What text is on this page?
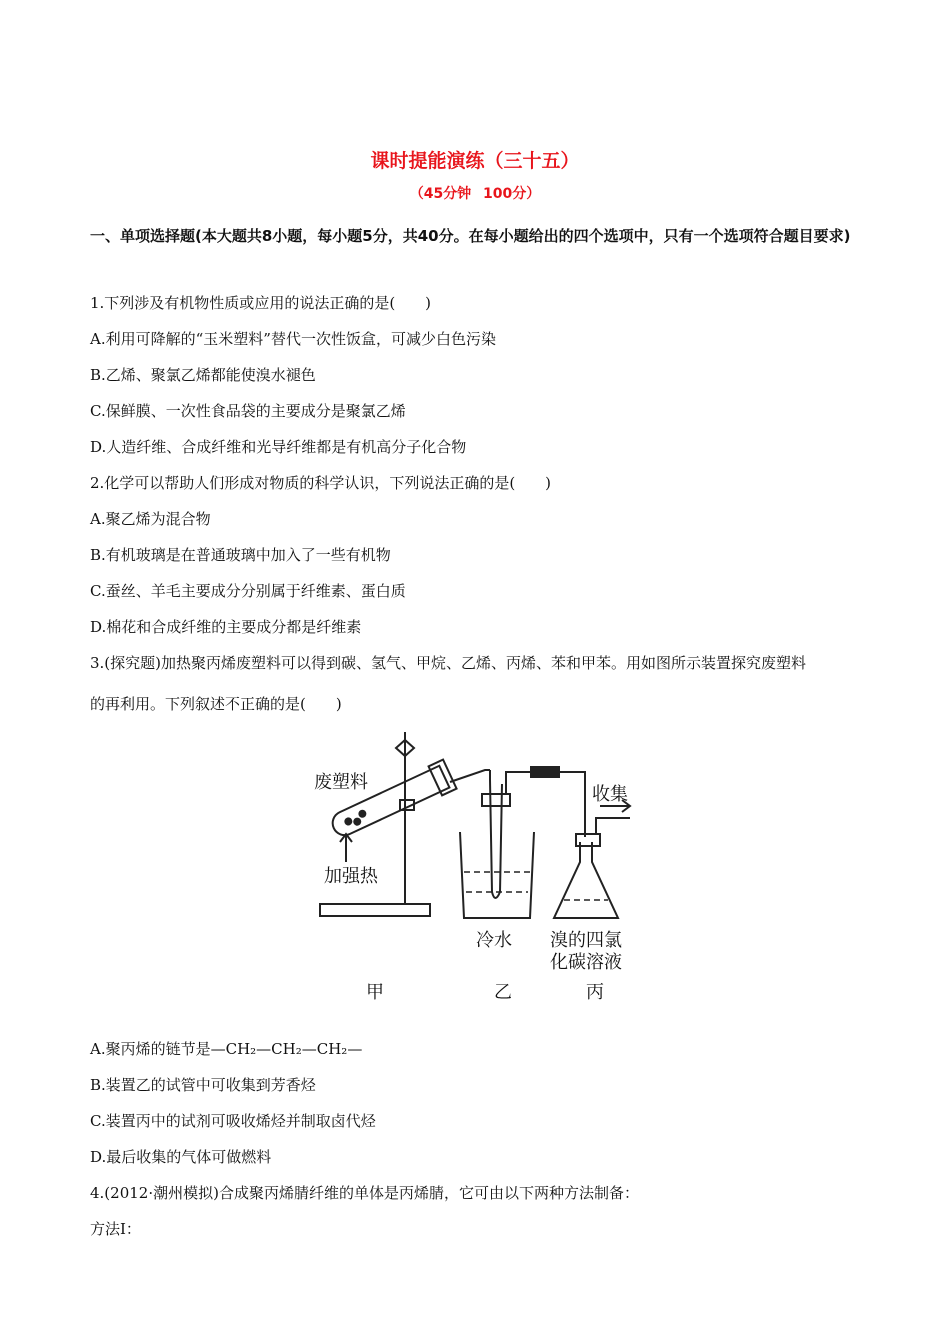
课时提能演练（三十五）
（45分钟 100分）
一、单项选择题(本大题共8小题，每小题5分，共40分。在每小题给出的四个选项中，只有一个选项符合题目要求)
1.下列涉及有机物性质或应用的说法正确的是(　　)
A.利用可降解的“玉米塑料”替代一次性饭盒，可减少白色污染
B.乙烯、聚氯乙烯都能使溴水褪色
C.保鲜膜、一次性食品袋的主要成分是聚氯乙烯
D.人造纤维、合成纤维和光导纤维都是有机高分子化合物
2.化学可以帮助人们形成对物质的科学认识，下列说法正确的是(　　)
A.聚乙烯为混合物
B.有机玻璃是在普通玻璃中加入了一些有机物
C.蚕丝、羊毛主要成分分别属于纤维素、蛋白质
D.棉花和合成纤维的主要成分都是纤维素
3.(探究题)加热聚丙烯废塑料可以得到碳、氢气、甲烷、乙烯、丙烯、苯和甲苯。用如图所示装置探究废塑料
的再利用。下列叙述不正确的是(　　)
废塑料
加强热
收集
冷水 溴的四氯
化碳溶液
甲	乙	丙
A.聚丙烯的链节是—CH₂—CH₂—CH₂—
B.装置乙的试管中可收集到芳香烃
C.装置丙中的试剂可吸收烯烃并制取卤代烃
D.最后收集的气体可做燃料
4.(2012·潮州模拟)合成聚丙烯腈纤维的单体是丙烯腈，它可由以下两种方法制备：
方法Ⅰ：
